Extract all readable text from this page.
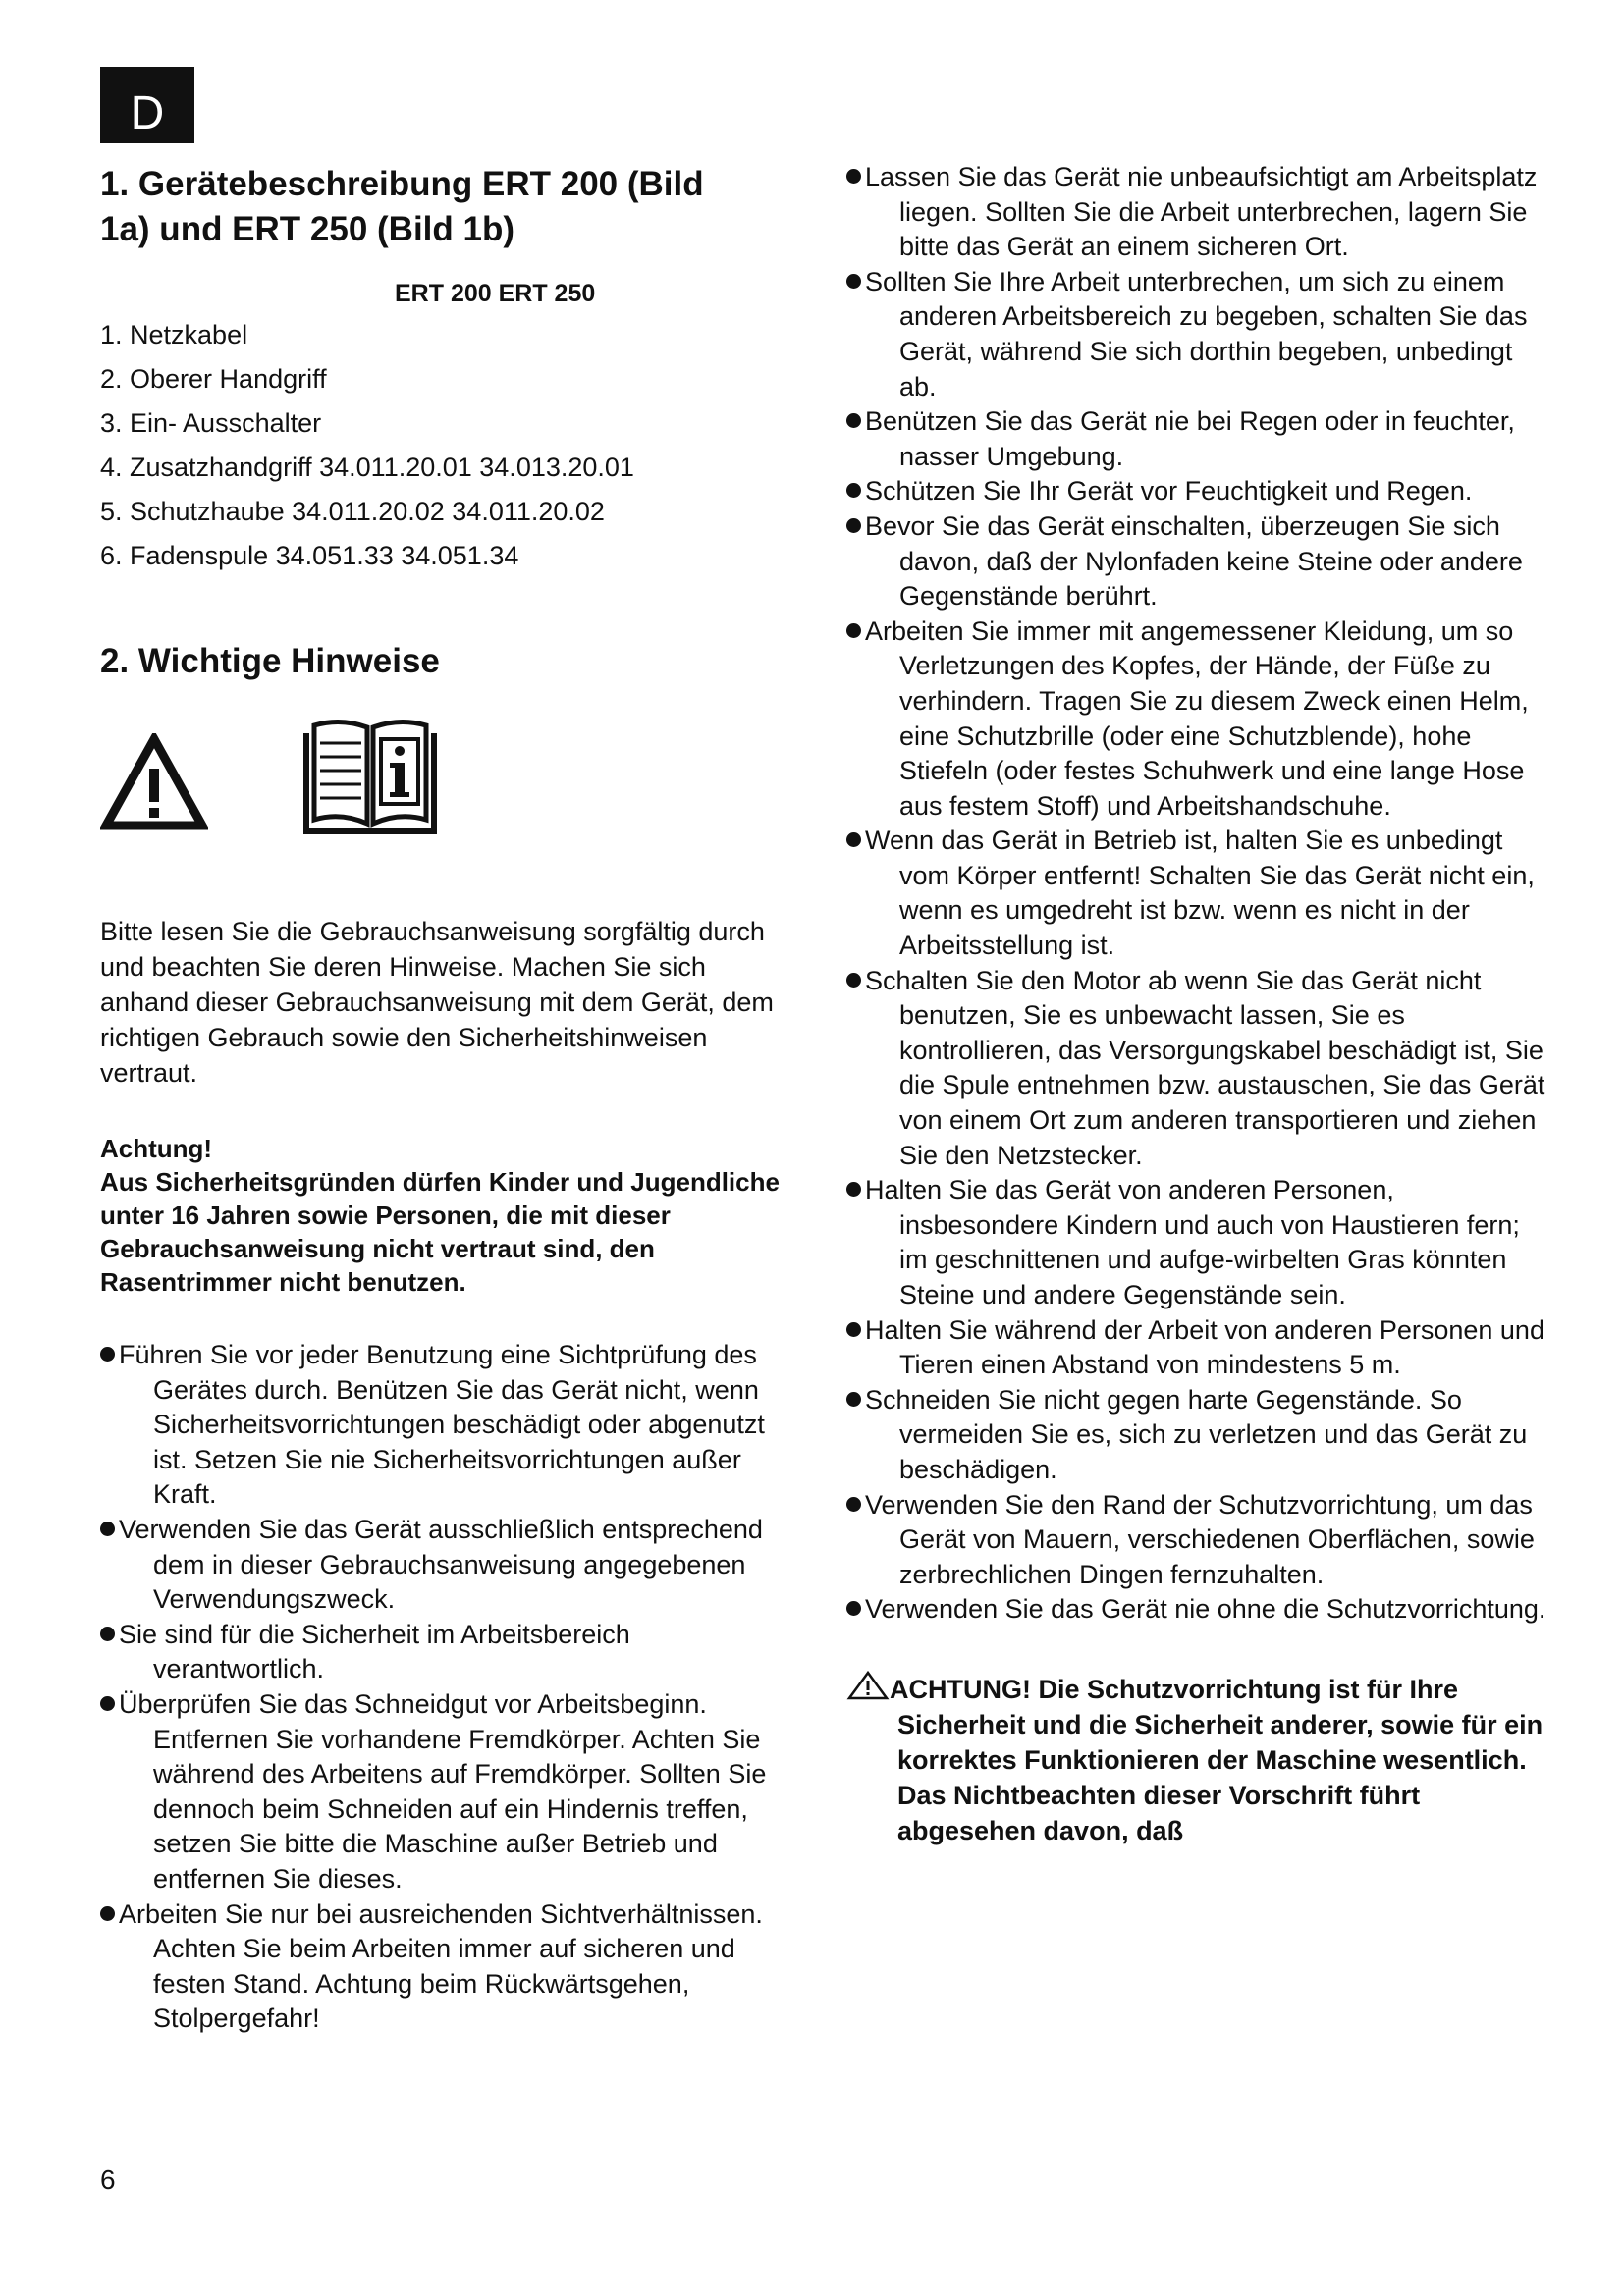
D
1. Gerätebeschreibung ERT 200 (Bild 1a) und ERT 250 (Bild 1b)
ERT 200 ERT 250
1. Netzkabel
2. Oberer Handgriff
3. Ein- Ausschalter
4. Zusatzhandgriff 34.011.20.01 34.013.20.01
5. Schutzhaube 34.011.20.02 34.011.20.02
6. Fadenspule 34.051.33 34.051.34
2. Wichtige Hinweise

Bitte lesen Sie die Gebrauchsanweisung sorgfältig durch und beachten Sie deren Hinweise. Machen Sie sich anhand dieser Gebrauchsanweisung mit dem Gerät, dem richtigen Gebrauch sowie den Sicherheitshinweisen vertraut.

Achtung!

Aus Sicherheitsgründen dürfen Kinder und Jugendliche unter 16 Jahren sowie Personen, die mit dieser Gebrauchsanweisung nicht vertraut sind, den Rasentrimmer nicht benutzen.

Führen Sie vor jeder Benutzung eine Sichtprüfung des Gerätes durch. Benützen Sie das Gerät nicht, wenn Sicherheitsvorrichtungen beschädigt oder abgenutzt ist. Setzen Sie nie Sicherheitsvorrichtungen außer Kraft.
Verwenden Sie das Gerät ausschließlich entsprechend dem in dieser Gebrauchsanweisung angegebenen Verwendungszweck.
Sie sind für die Sicherheit im Arbeitsbereich verantwortlich.
Überprüfen Sie das Schneidgut vor Arbeitsbeginn. Entfernen Sie vorhandene Fremdkörper. Achten Sie während des Arbeitens auf Fremdkörper. Sollten Sie dennoch beim Schneiden auf ein Hindernis treffen, setzen Sie bitte die Maschine außer Betrieb und entfernen Sie dieses.
Arbeiten Sie nur bei ausreichenden Sichtverhältnissen. Achten Sie beim Arbeiten immer auf sicheren und festen Stand. Achtung beim Rückwärtsgehen, Stolpergefahr!
Lassen Sie das Gerät nie unbeaufsichtigt am Arbeitsplatz liegen. Sollten Sie die Arbeit unterbrechen, lagern Sie bitte das Gerät an einem sicheren Ort.
Sollten Sie Ihre Arbeit unterbrechen, um sich zu einem anderen Arbeitsbereich zu begeben, schalten Sie das Gerät, während Sie sich dorthin begeben, unbedingt ab.
Benützen Sie das Gerät nie bei Regen oder in feuchter, nasser Umgebung.
Schützen Sie Ihr Gerät vor Feuchtigkeit und Regen.
Bevor Sie das Gerät einschalten, überzeugen Sie sich davon, daß der Nylonfaden keine Steine oder andere Gegenstände berührt.
Arbeiten Sie immer mit angemessener Kleidung, um so Verletzungen des Kopfes, der Hände, der Füße zu verhindern. Tragen Sie zu diesem Zweck einen Helm, eine Schutzbrille (oder eine Schutzblende), hohe Stiefeln (oder festes Schuhwerk und eine lange Hose aus festem Stoff) und Arbeitshandschuhe.
Wenn das Gerät in Betrieb ist, halten Sie es unbedingt vom Körper entfernt! Schalten Sie das Gerät nicht ein, wenn es umgedreht ist bzw. wenn es nicht in der Arbeitsstellung ist.
Schalten Sie den Motor ab wenn Sie das Gerät nicht benutzen, Sie es unbewacht lassen, Sie es kontrollieren, das Versorgungskabel beschädigt ist, Sie die Spule entnehmen bzw. austauschen, Sie das Gerät von einem Ort zum anderen transportieren und ziehen Sie den Netzstecker.
Halten Sie das Gerät von anderen Personen, insbesondere Kindern und auch von Haustieren fern; im geschnittenen und aufge-wirbelten Gras könnten Steine und andere Gegenstände sein.
Halten Sie während der Arbeit von anderen Personen und Tieren einen Abstand von mindestens 5 m.
Schneiden Sie nicht gegen harte Gegenstände. So vermeiden Sie es, sich zu verletzen und das Gerät zu beschädigen.
Verwenden Sie den Rand der Schutzvorrichtung, um das Gerät von Mauern, verschiedenen Oberflächen, sowie zerbrechlichen Dingen fernzuhalten.
Verwenden Sie das Gerät nie ohne die Schutzvorrichtung.
ACHTUNG! Die Schutzvorrichtung ist für Ihre Sicherheit und die Sicherheit anderer, sowie für ein korrektes Funktionieren der Maschine wesentlich. Das Nichtbeachten dieser Vorschrift führt abgesehen davon, daß
6
